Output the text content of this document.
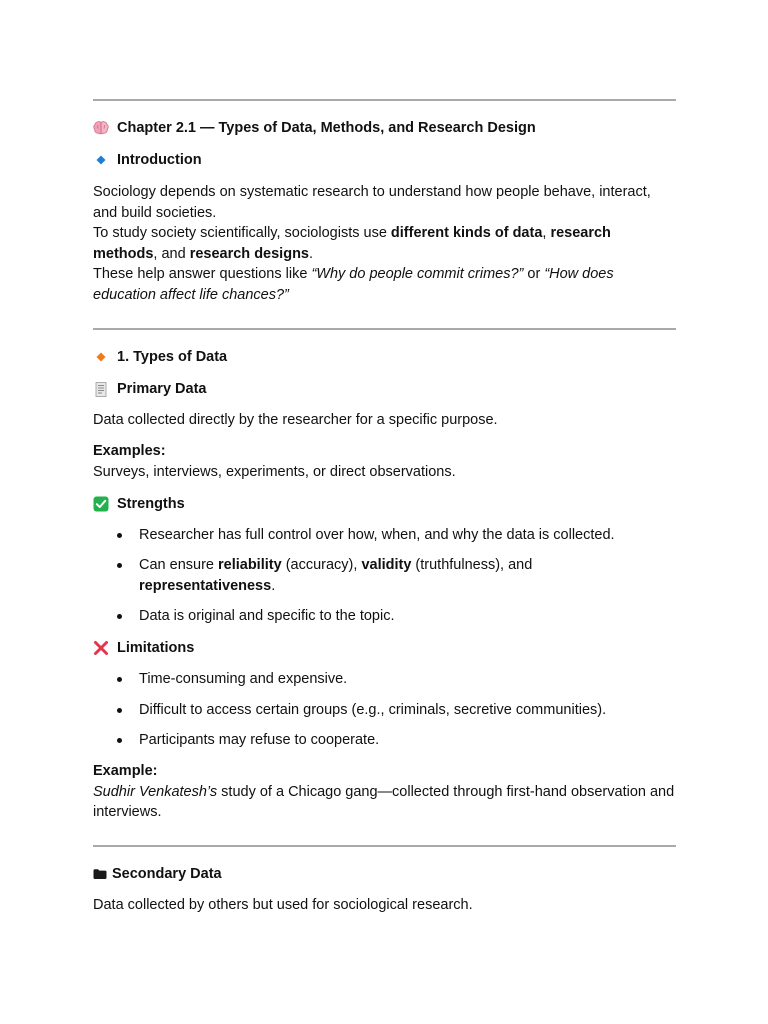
Chapter 2.1 — Types of Data, Methods, and Research Design
Introduction
Sociology depends on systematic research to understand how people behave, interact, and build societies.
To study society scientifically, sociologists use different kinds of data, research methods, and research designs.
These help answer questions like “Why do people commit crimes?” or “How does education affect life chances?”
1. Types of Data
Primary Data
Data collected directly by the researcher for a specific purpose.
Examples:
Surveys, interviews, experiments, or direct observations.
Strengths
Researcher has full control over how, when, and why the data is collected.
Can ensure reliability (accuracy), validity (truthfulness), and
representativeness.
Data is original and specific to the topic.
Limitations
Time-consuming and expensive.
Difficult to access certain groups (e.g., criminals, secretive communities).
Participants may refuse to cooperate.
Example:
Sudhir Venkatesh’s study of a Chicago gang—collected through first-hand observation and interviews.
Secondary Data
Data collected by others but used for sociological research.
